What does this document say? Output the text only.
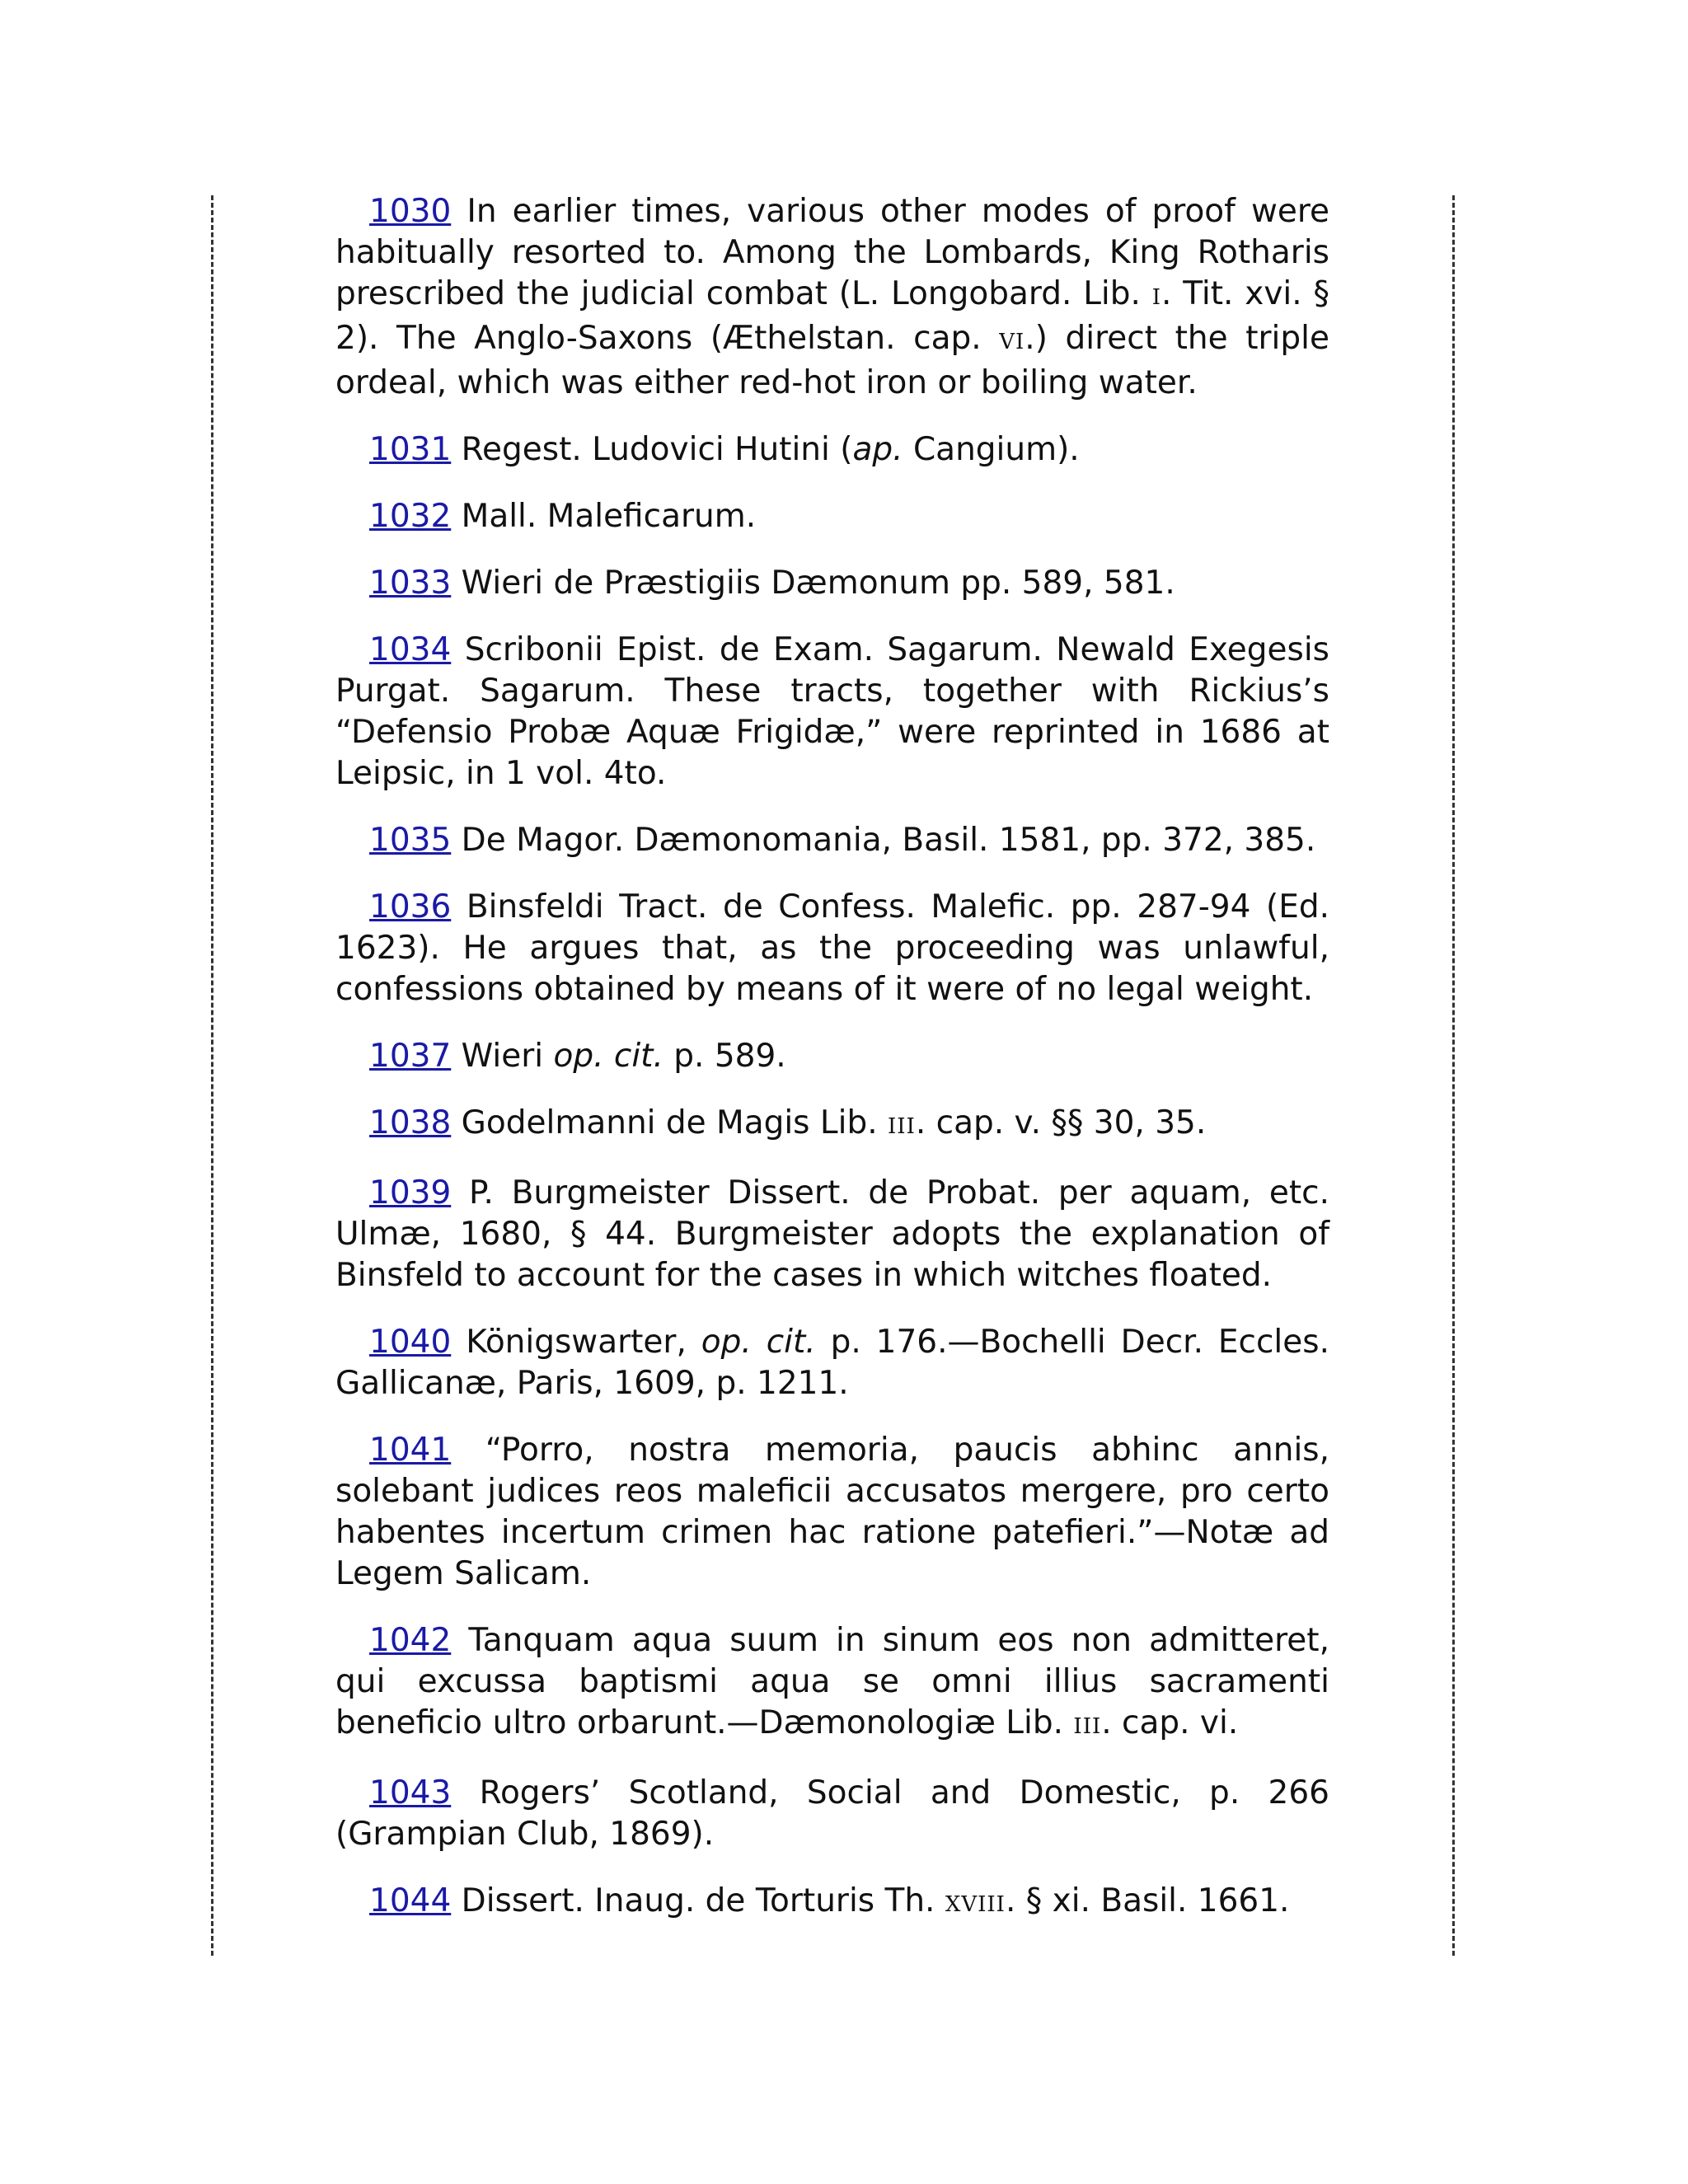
1030 In earlier times, various other modes of proof were habitually resorted to. Among the Lombards, King Rotharis prescribed the judicial combat (L. Longobard. Lib. I. Tit. xvi. § 2). The Anglo-Saxons (Æthelstan. cap. VI.) direct the triple ordeal, which was either red-hot iron or boiling water.

1031 Regest. Ludovici Hutini (ap. Cangium).

1032 Mall. Maleficarum.

1033 Wieri de Præstigiis Dæmonum pp. 589, 581.

1034 Scribonii Epist. de Exam. Sagarum. Newald Exegesis Purgat. Sagarum. These tracts, together with Rickius’s “Defensio Probæ Aquæ Frigidæ,” were reprinted in 1686 at Leipsic, in 1 vol. 4to.

1035 De Magor. Dæmonomania, Basil. 1581, pp. 372, 385.

1036 Binsfeldi Tract. de Confess. Malefic. pp. 287-94 (Ed. 1623). He argues that, as the proceeding was unlawful, confessions obtained by means of it were of no legal weight.

1037 Wieri op. cit. p. 589.

1038 Godelmanni de Magis Lib. III. cap. v. §§ 30, 35.

1039 P. Burgmeister Dissert. de Probat. per aquam, etc. Ulmæ, 1680, § 44. Burgmeister adopts the explanation of Binsfeld to account for the cases in which witches floated.

1040 Königswarter, op. cit. p. 176.—Bochelli Decr. Eccles. Gallicanæ, Paris, 1609, p. 1211.

1041 “Porro, nostra memoria, paucis abhinc annis, solebant judices reos maleficii accusatos mergere, pro certo habentes incertum crimen hac ratione patefieri.”—Notæ ad Legem Salicam.

1042 Tanquam aqua suum in sinum eos non admitteret, qui excussa baptismi aqua se omni illius sacramenti beneficio ultro orbarunt.—Dæmonologiæ Lib. III. cap. vi.

1043 Rogers’ Scotland, Social and Domestic, p. 266 (Grampian Club, 1869).

1044 Dissert. Inaug. de Torturis Th. XVIII. § xi. Basil. 1661.
